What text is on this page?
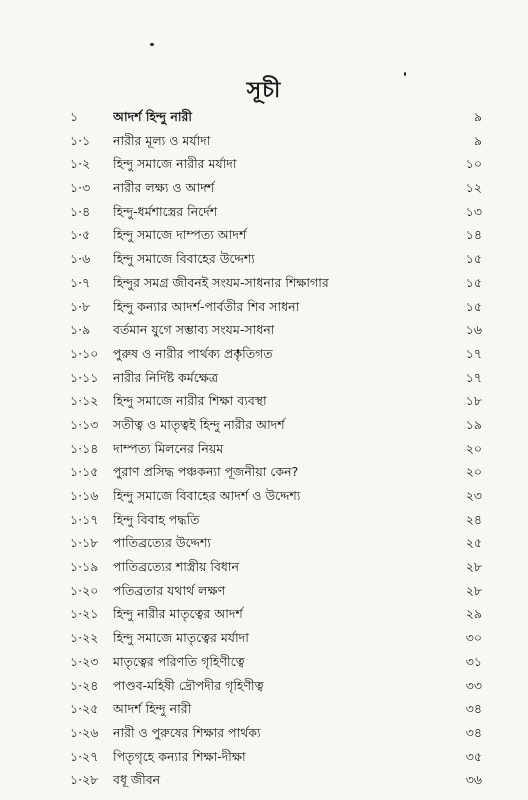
সূচী
১	আদর্শ হিন্দু নারী	৯
১·১	নারীর মূল্য ও মর্যাদা	৯
১·২	হিন্দু সমাজে নারীর মর্যাদা	১০
১·৩	নারীর লক্ষ্য ও আদর্শ	১২
১·৪	হিন্দু-ধর্মশাস্ত্রের নির্দেশ	১৩
১·৫	হিন্দু সমাজে দাম্পত্য আদর্শ	১৪
১·৬	হিন্দু সমাজে বিবাহের উদ্দেশ্য	১৫
১·৭	হিন্দুর সমগ্র জীবনই সংযম-সাধনার শিক্ষাগার	১৫
১·৮	হিন্দু কন্যার আদর্শ-পার্বতীর শিব সাধনা	১৫
১·৯	বর্তমান যুগে সম্ভাব্য সংযম-সাধনা	১৬
১·১০	পুরুষ ও নারীর পার্থক্য প্রকৃতিগত	১৭
১·১১	নারীর নির্দিষ্ট কর্মক্ষেত্র	১৭
১·১২	হিন্দু সমাজে নারীর শিক্ষা ব্যবস্থা	১৮
১·১৩	সতীত্ব ও মাতৃত্বই হিন্দু নারীর আদর্শ	১৯
১·১৪	দাম্পত্য মিলনের নিয়ম	২০
১·১৫	পুরাণ প্রসিদ্ধ পঞ্চকন্যা পূজনীয়া কেন?	২০
১·১৬	হিন্দু সমাজে বিবাহের আদর্শ ও উদ্দেশ্য	২৩
১·১৭	হিন্দু বিবাহ পদ্ধতি	২৪
১·১৮	পাতিব্রত্যের উদ্দেশ্য	২৫
১·১৯	পাতিব্রত্যের শাস্ত্রীয় বিধান	২৮
১·২০	পতিব্রতার যথার্থ লক্ষণ	২৮
১·২১	হিন্দু নারীর মাতৃত্বের আদর্শ	২৯
১·২২	হিন্দু সমাজে মাতৃত্বের মর্যাদা	৩০
১·২৩	মাতৃত্বের পরিণতি গৃহিণীত্বে	৩১
১·২৪	পাণ্ডব-মহিষী দ্রৌপদীর গৃহিণীত্ব	৩৩
১·২৫	আদর্শ হিন্দু নারী	৩৪
১·২৬	নারী ও পুরুষের শিক্ষার পার্থক্য	৩৪
১·২৭	পিতৃগৃহে কন্যার শিক্ষা-দীক্ষা	৩৫
১·২৮	বধূ জীবন	৩৬
